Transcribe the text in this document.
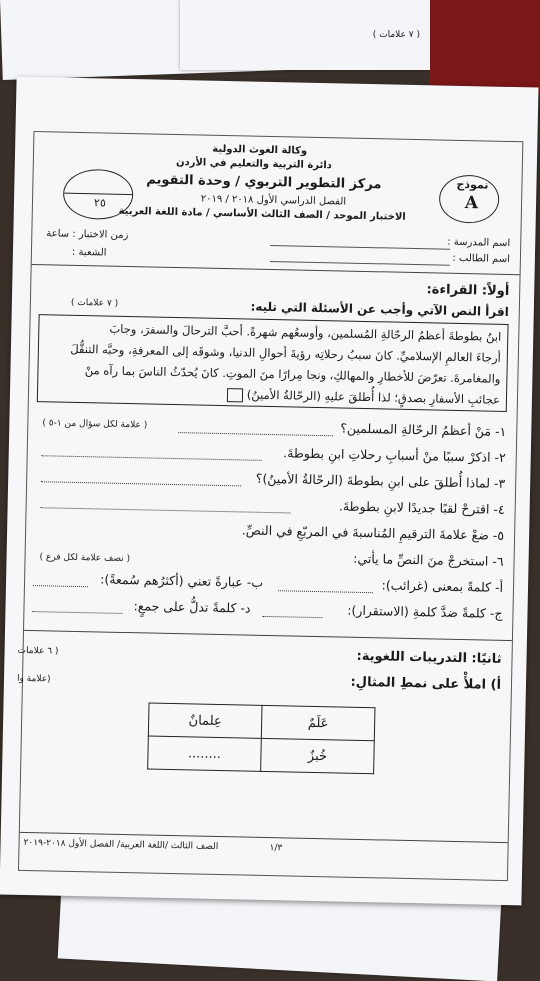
( ٧ علامات )
وكالة الغوث الدولية
دائرة التربية والتعليم في الأردن
مركز التطوير التربوي / وحدة التقويم
الفصل الدراسي الأول ٢٠١٨ / ٢٠١٩
الاختبار الموحد / الصف الثالث الأساسي / مادة اللغة العربية
نموذج
A
٢٥
اسم المدرسة :
اسم الطالب :
زمن الاختبار : ساعة
الشعبة :
أولاً: القراءة:
اقرأ النص الآتي وأجب عن الأسئلة التي تليه:
( ٧ علامات )
ابنُ بطوطةَ أعظمُ الرحّالةِ المُسلمين، وأوسعُهم شهرةً. أحبَّ الترحالَ والسفرَ، وجابَ
أرجاءَ العالمِ الإسلاميِّ. كانَ سببُ رحلاتِه رؤيةَ أحوالِ الدنيا، وشوقَه إلى المعرفةِ، وحبَّه التنقُّلَ
والمغامرةَ. تعرّضَ للأخطارِ والمهالكِ، ونجا مِرارًا منَ الموتِ. كانَ يُحدّثُ الناسَ بما رآه منْ
عجائبِ الأسفارِ بصدقٍ؛ لذا أُطلقَ عليهِ (الرحّالةُ الأمينُ)
١- مَنْ أعظمُ الرحّالةِ المسلمين؟
( علامة لكل سؤال من ١-٥ )
٢- اذكرْ سببًا منْ أسبابِ رحلاتِ ابنِ بطوطةَ.
٣- لماذا أُطلقَ على ابنِ بطوطةَ (الرحّالةُ الأمينُ)؟
٤- اقترحْ لقبًا جديدًا لابنِ بطوطةَ.
٥- ضعْ علامةَ الترقيمِ المُناسبةَ في المربّعِ في النصِّ.
٦- استخرجْ منَ النصِّ ما يأتي:
( نصف علامة لكل فرع )
أ- كلمةً بمعنى (غرائب):
ب- عبارةً تعني (أكثرُهم سُمعةً):
ج- كلمةً ضدَّ كلمةِ (الاستقرار):
د- كلمةً تدلُّ على جمعٍ:
ثانيًا: التدريبات اللغوية:
( ٦ علامات
أ) املأْ على نمطِ المثالِ:
(علامة وا
عَلَمٌ	عِلمانٌ
خُبزٌ	........
الصف الثالث /اللغة العربية/ الفصل الأول ٢٠١٨-٢٠١٩	١/٣
